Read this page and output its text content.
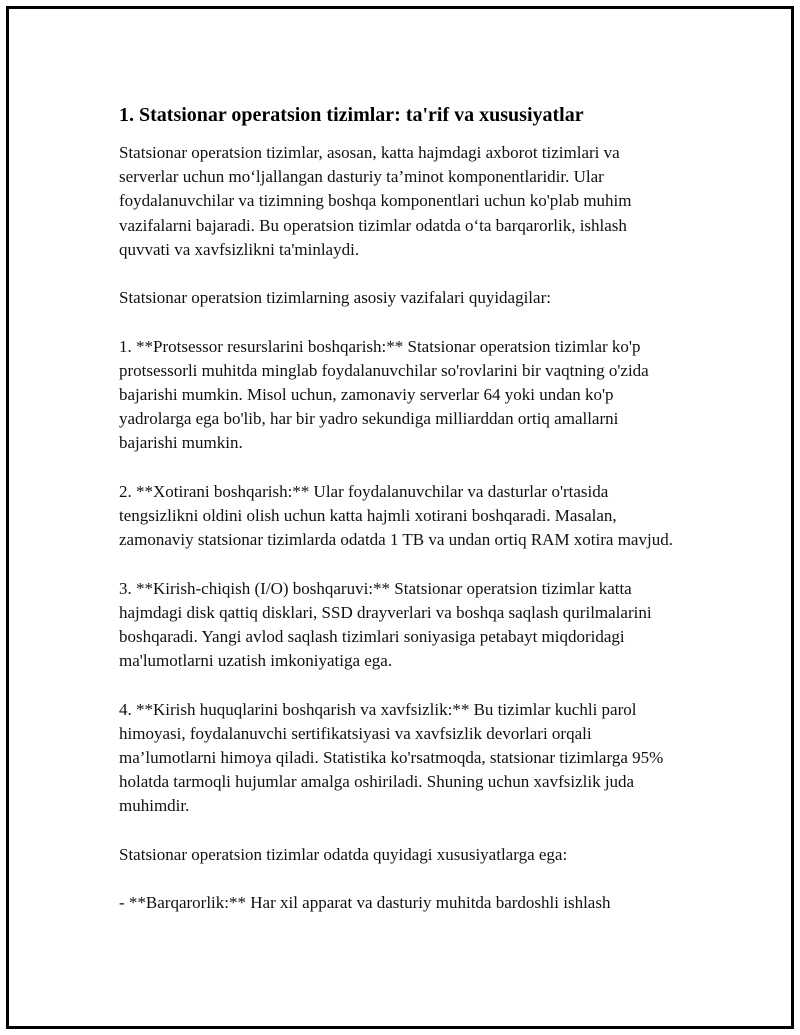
1. Statsionar operatsion tizimlar: ta'rif va xususiyatlar

Statsionar operatsion tizimlar, asosan, katta hajmdagi axborot tizimlari va serverlar uchun mo‘ljallangan dasturiy ta’minot komponentlaridir. Ular foydalanuvchilar va tizimning boshqa komponentlari uchun ko'plab muhim vazifalarni bajaradi. Bu operatsion tizimlar odatda o‘ta barqarorlik, ishlash quvvati va xavfsizlikni ta'minlaydi.

Statsionar operatsion tizimlarning asosiy vazifalari quyidagilar:

1. **Protsessor resurslarini boshqarish:** Statsionar operatsion tizimlar ko'p protsessorli muhitda minglab foydalanuvchilar so'rovlarini bir vaqtning o'zida bajarishi mumkin. Misol uchun, zamonaviy serverlar 64 yoki undan ko'p yadrolarga ega bo'lib, har bir yadro sekundiga milliarddan ortiq amallarni bajarishi mumkin.

2. **Xotirani boshqarish:** Ular foydalanuvchilar va dasturlar o'rtasida tengsizlikni oldini olish uchun katta hajmli xotirani boshqaradi. Masalan, zamonaviy statsionar tizimlarda odatda 1 TB va undan ortiq RAM xotira mavjud.

3. **Kirish-chiqish (I/O) boshqaruvi:** Statsionar operatsion tizimlar katta hajmdagi disk qattiq disklari, SSD drayverlari va boshqa saqlash qurilmalarini boshqaradi. Yangi avlod saqlash tizimlari soniyasiga petabayt miqdoridagi ma'lumotlarni uzatish imkoniyatiga ega.

4. **Kirish huquqlarini boshqarish va xavfsizlik:** Bu tizimlar kuchli parol himoyasi, foydalanuvchi sertifikatsiyasi va xavfsizlik devorlari orqali ma’lumotlarni himoya qiladi. Statistika ko'rsatmoqda, statsionar tizimlarga 95% holatda tarmoqli hujumlar amalga oshiriladi. Shuning uchun xavfsizlik juda muhimdir.

Statsionar operatsion tizimlar odatda quyidagi xususiyatlarga ega:

- **Barqarorlik:** Har xil apparat va dasturiy muhitda bardoshli ishlash
